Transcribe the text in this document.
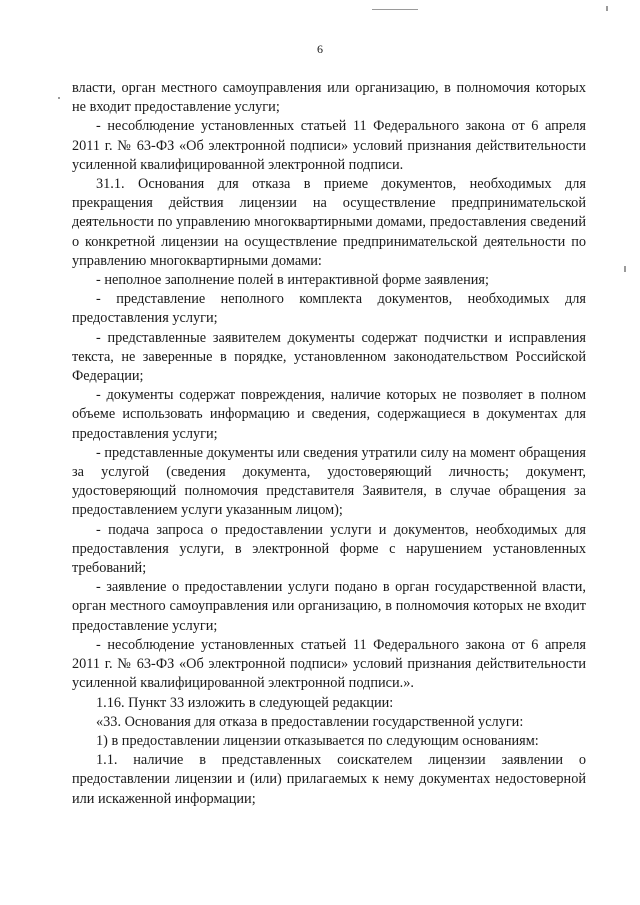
6

власти, орган местного самоуправления или организацию, в полномочия которых не входит предоставление услуги;

- несоблюдение установленных статьей 11 Федерального закона от 6 апреля 2011 г. № 63-ФЗ «Об электронной подписи» условий признания действительности усиленной квалифицированной электронной подписи.

31.1. Основания для отказа в приеме документов, необходимых для прекращения действия лицензии на осуществление предпринимательской деятельности по управлению многоквартирными домами, предоставления сведений о конкретной лицензии на осуществление предпринимательской деятельности по управлению многоквартирными домами:

- неполное заполнение полей в интерактивной форме заявления;

- представление неполного комплекта документов, необходимых для предоставления услуги;

- представленные заявителем документы содержат подчистки и исправления текста, не заверенные в порядке, установленном законодательством Российской Федерации;

- документы содержат повреждения, наличие которых не позволяет в полном объеме использовать информацию и сведения, содержащиеся в документах для предоставления услуги;

- представленные документы или сведения утратили силу на момент обращения за услугой (сведения документа, удостоверяющий личность; документ, удостоверяющий полномочия представителя Заявителя, в случае обращения за предоставлением услуги указанным лицом);

- подача запроса о предоставлении услуги и документов, необходимых для предоставления услуги, в электронной форме с нарушением установленных требований;

- заявление о предоставлении услуги подано в орган государственной власти, орган местного самоуправления или организацию, в полномочия которых не входит предоставление услуги;

- несоблюдение установленных статьей 11 Федерального закона от 6 апреля 2011 г. № 63-ФЗ «Об электронной подписи» условий признания действительности усиленной квалифицированной электронной подписи.».

1.16. Пункт 33 изложить в следующей редакции:

«33. Основания для отказа в предоставлении государственной услуги:

1) в предоставлении лицензии отказывается по следующим основаниям:

1.1. наличие в представленных соискателем лицензии заявлении о предоставлении лицензии и (или) прилагаемых к нему документах недостоверной или искаженной информации;
